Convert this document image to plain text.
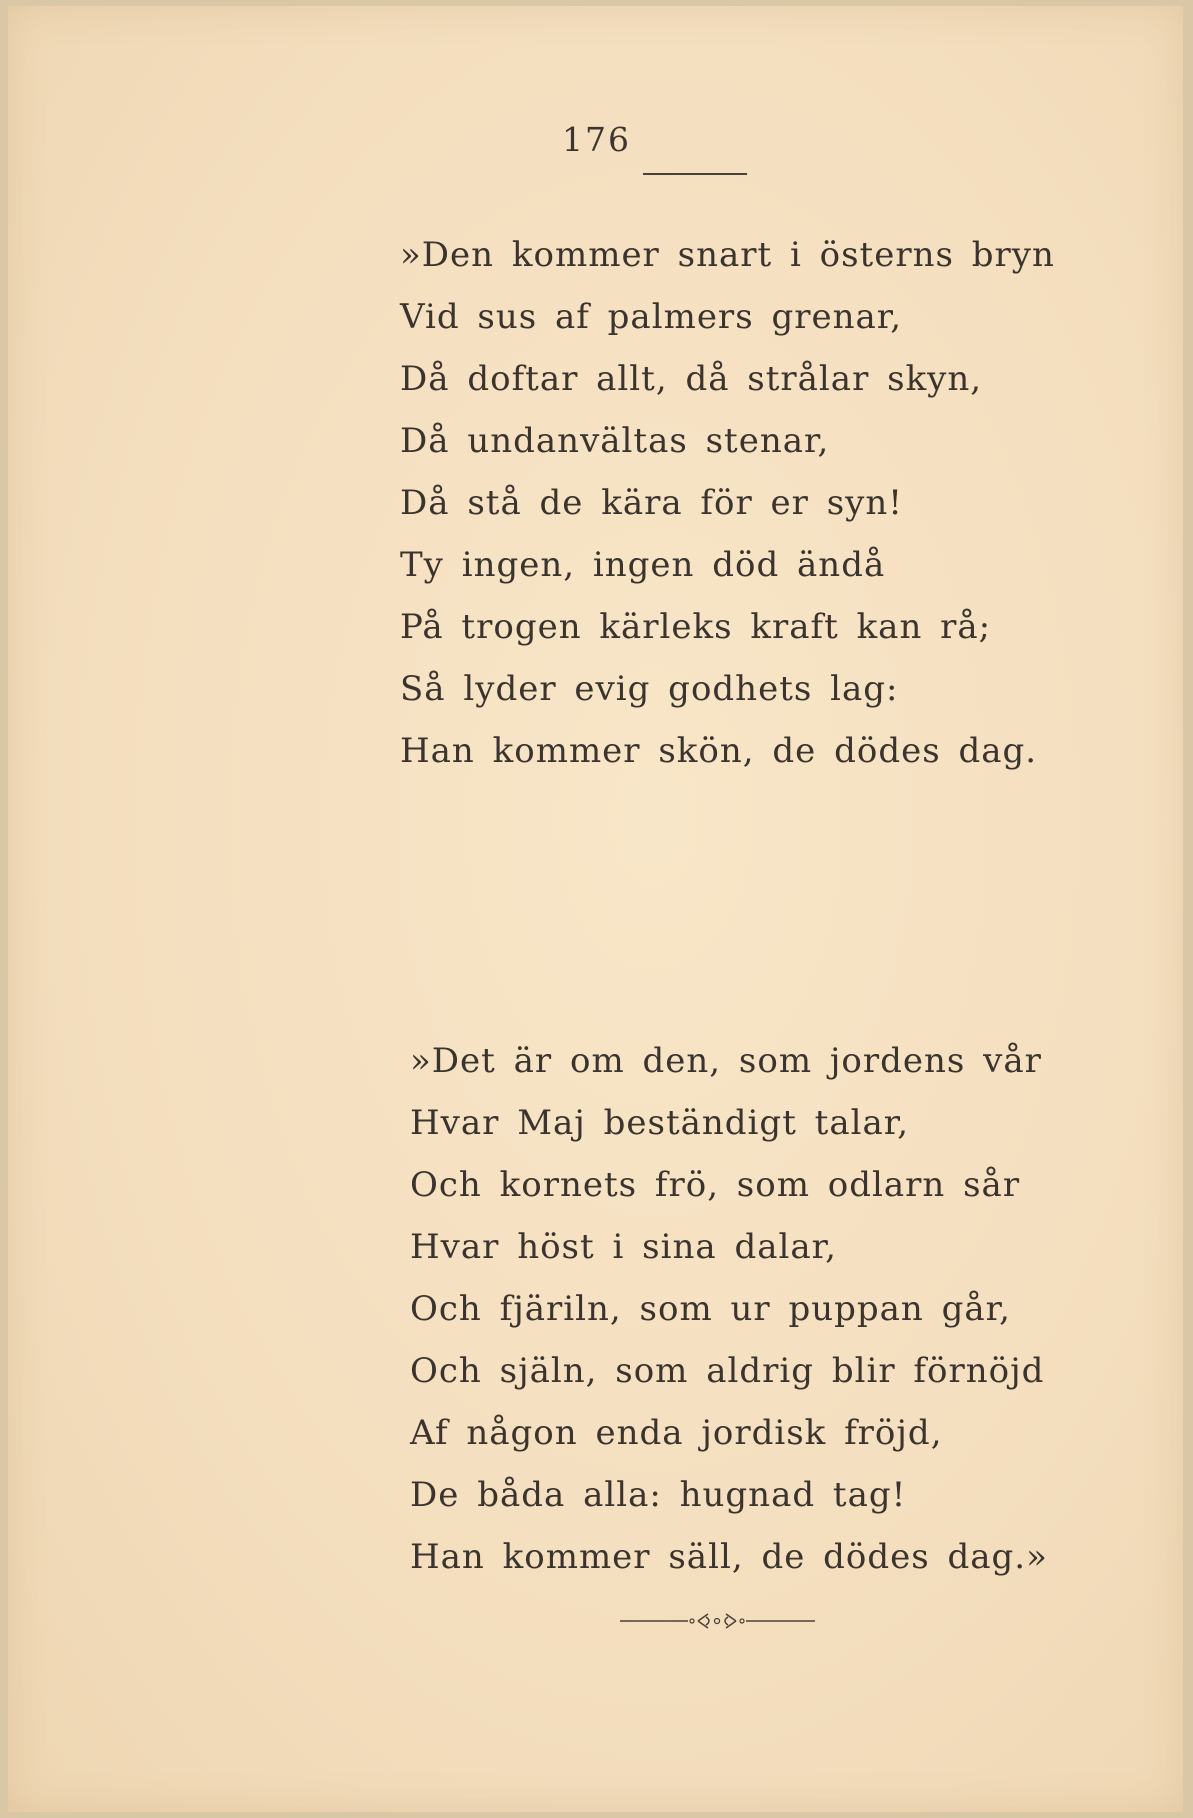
176
»Den kommer snart i österns bryn
Vid sus af palmers grenar,
Då doftar allt, då strålar skyn,
Då undanvältas stenar,
Då stå de kära för er syn!
Ty ingen, ingen död ändå
På trogen kärleks kraft kan rå;
Så lyder evig godhets lag:
Han kommer skön, de dödes dag.
»Det är om den, som jordens vår
Hvar Maj beständigt talar,
Och kornets frö, som odlarn sår
Hvar höst i sina dalar,
Och fjäriln, som ur puppan går,
Och själn, som aldrig blir förnöjd
Af någon enda jordisk fröjd,
De båda alla: hugnad tag!
Han kommer säll, de dödes dag.»
